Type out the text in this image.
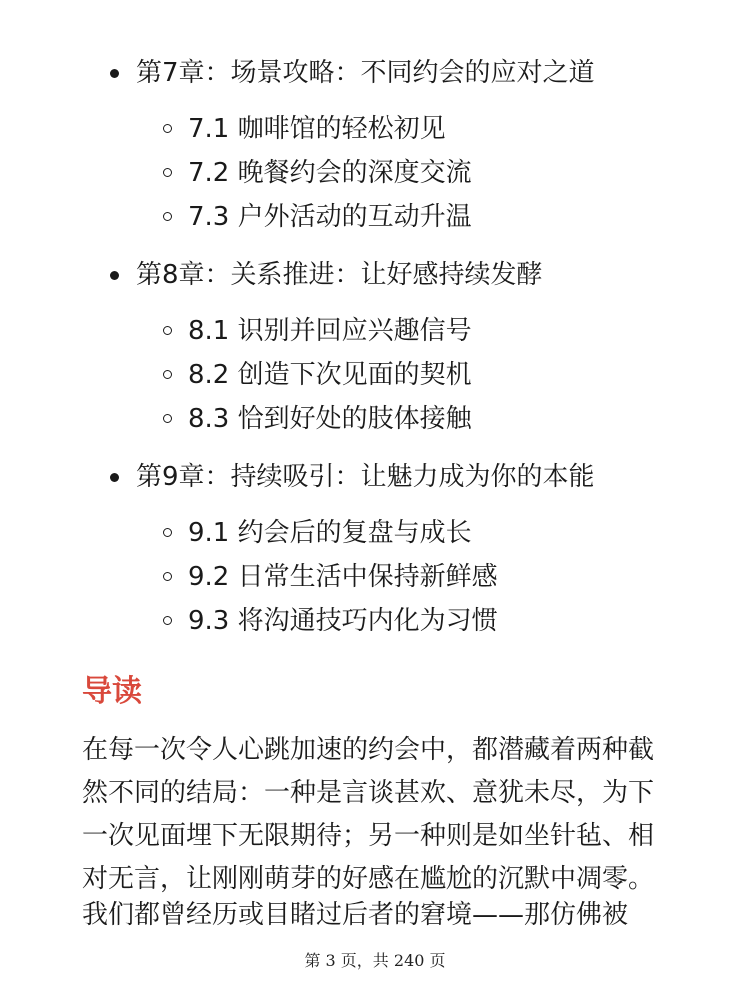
第7章：场景攻略：不同约会的应对之道
7.1 咖啡馆的轻松初见
7.2 晚餐约会的深度交流
7.3 户外活动的互动升温
第8章：关系推进：让好感持续发酵
8.1 识别并回应兴趣信号
8.2 创造下次见面的契机
8.3 恰到好处的肢体接触
第9章：持续吸引：让魅力成为你的本能
9.1 约会后的复盘与成长
9.2 日常生活中保持新鲜感
9.3 将沟通技巧内化为习惯
导读
在每一次令人心跳加速的约会中，都潜藏着两种截
然不同的结局：一种是言谈甚欢、意犹未尽，为下
一次见面埋下无限期待；另一种则是如坐针毡、相
对无言，让刚刚萌芽的好感在尴尬的沉默中凋零。
我们都曾经历或目睹过后者的窘境——那仿佛被
第 3 页，共 240 页
